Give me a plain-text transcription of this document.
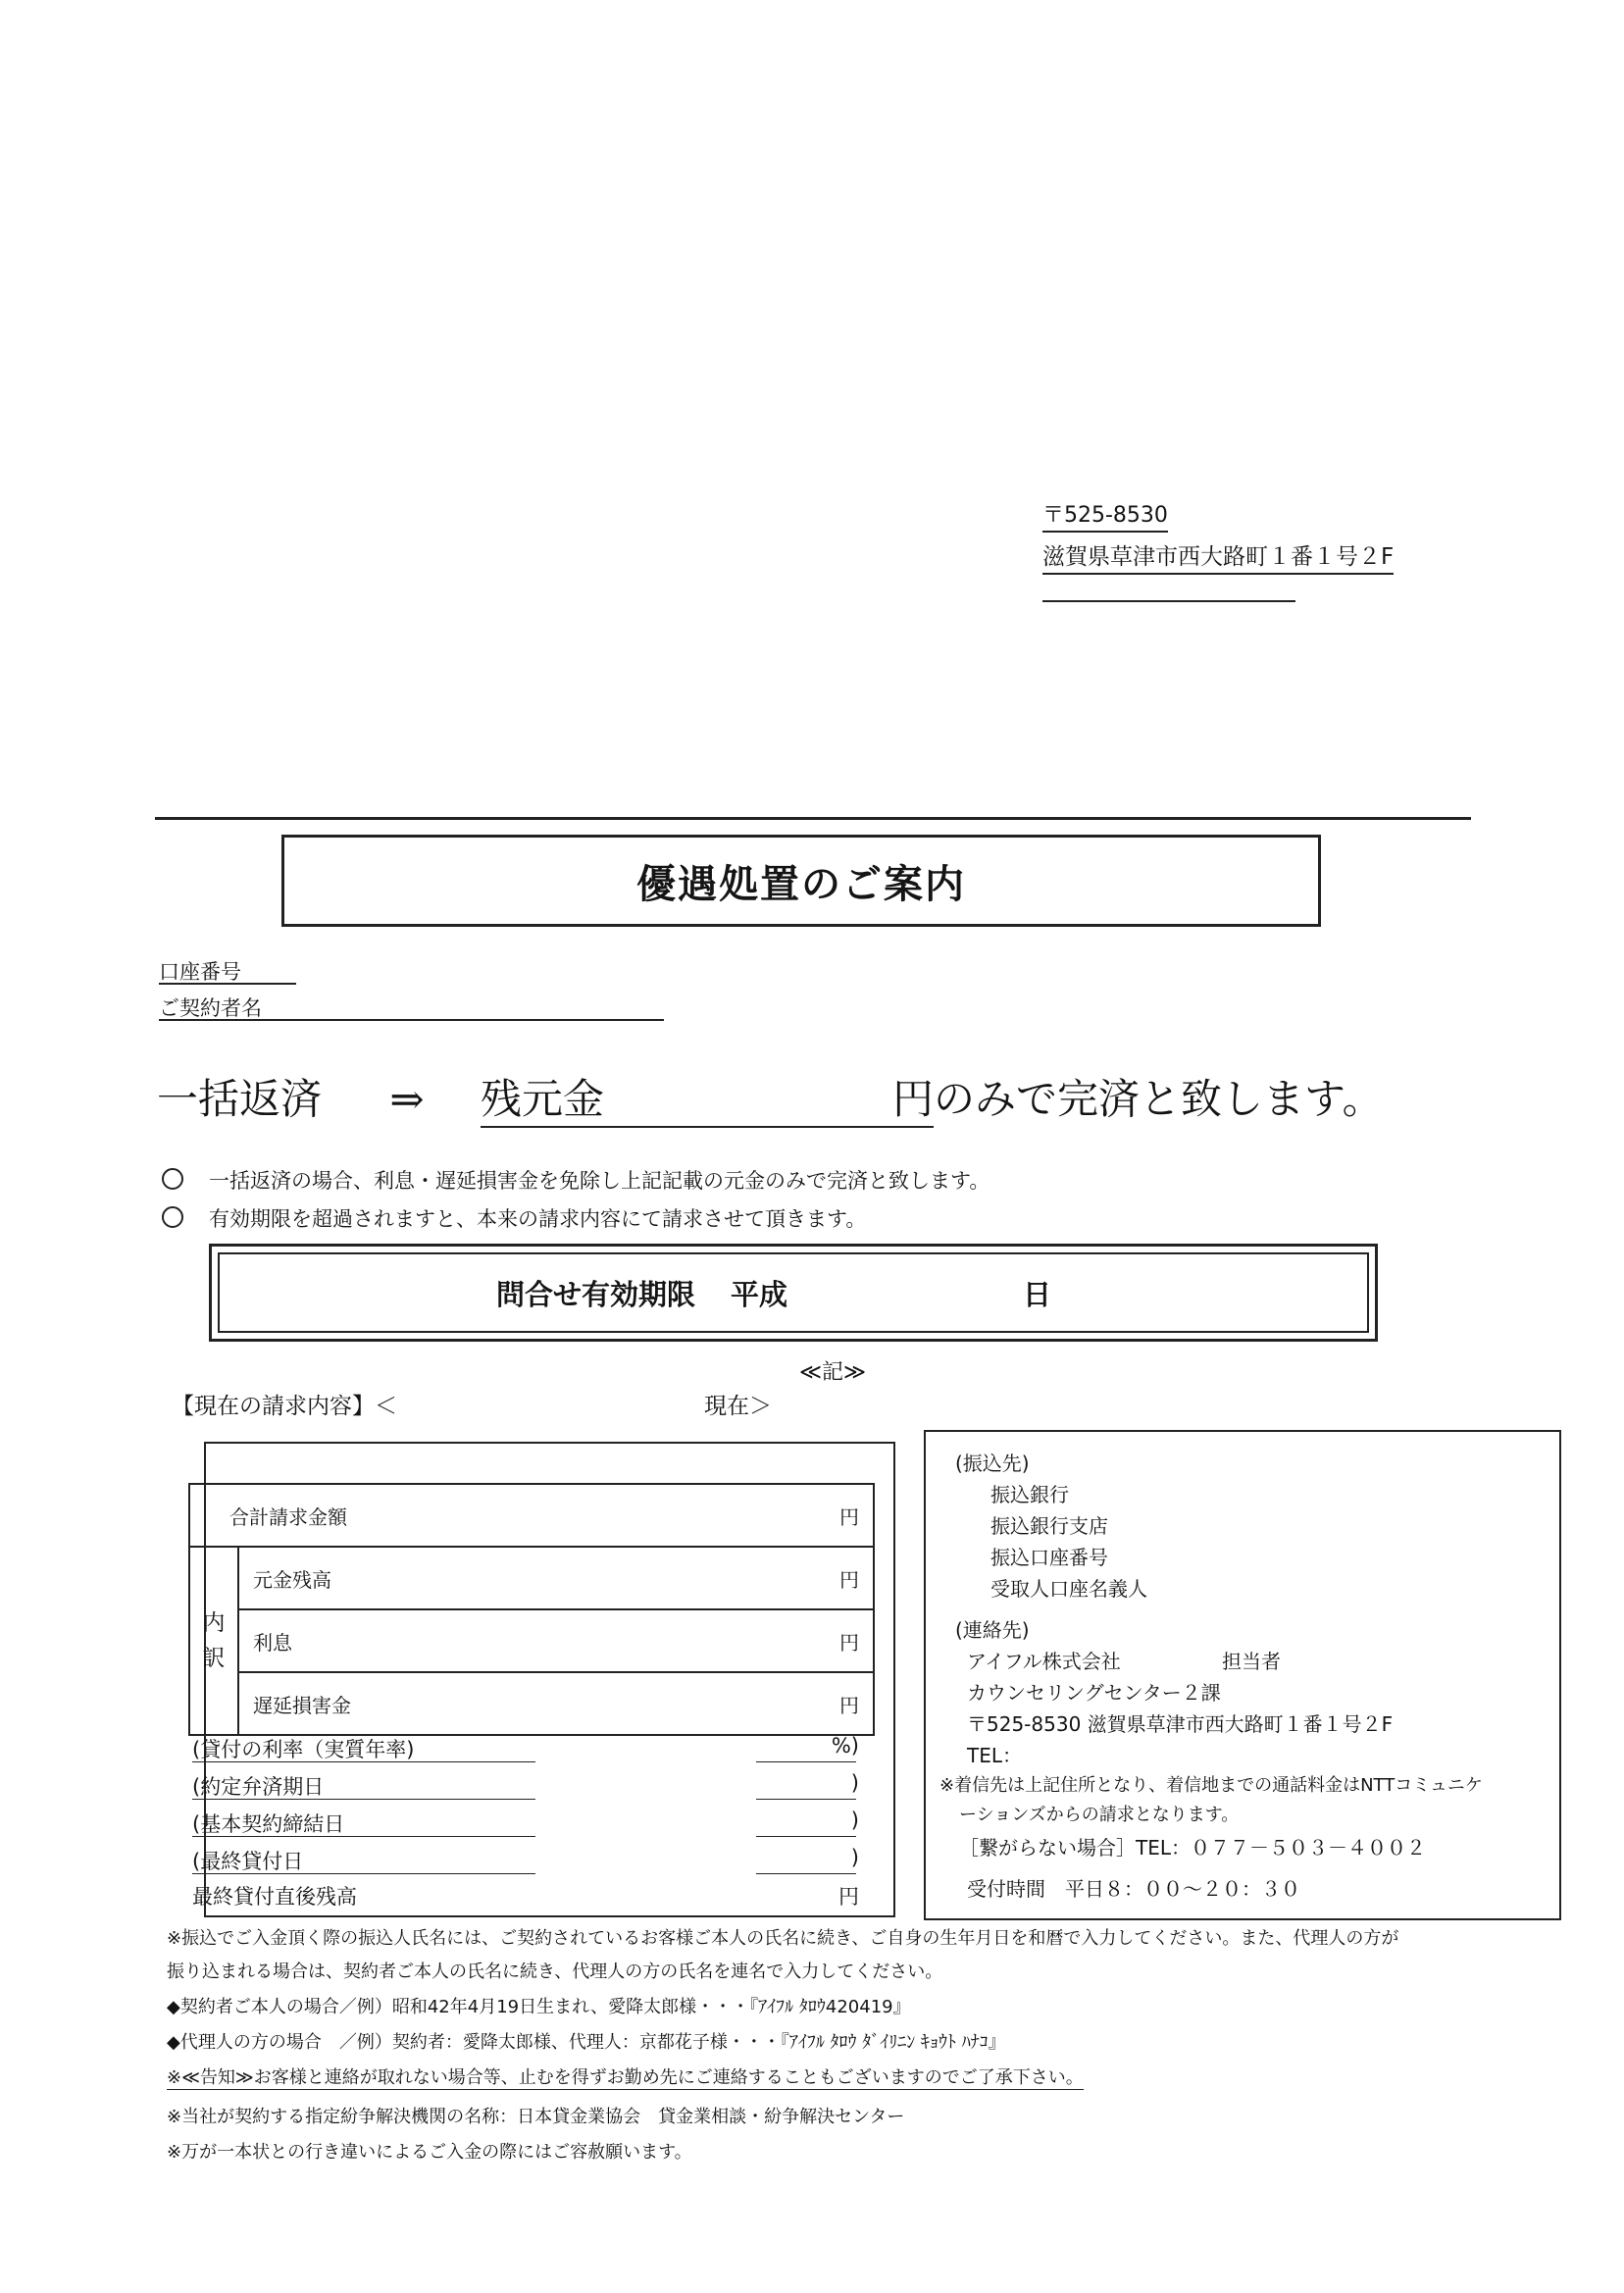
〒525-8530
滋賀県草津市西大路町１番１号２F
優遇処置のご案内
口座番号
ご契約者名
一括返済 ⇒ 残元金	円のみで完済と致します。
一括返済の場合、利息・遅延損害金を免除し上記記載の元金のみで完済と致します。
有効期限を超過されますと、本来の請求内容にて請求させて頂きます。
問合せ有効期限 平成	日
≪記≫
【現在の請求内容】＜	現在＞
合計請求金額		円

内
訳	元金残高	円
	利息	円
	遅延損害金	円
(貸付の利率（実質年率)	%)
(約定弁済期日	)
(基本契約締結日	)
(最終貸付日	)
最終貸付直後残高	円
(振込先)
振込銀行
振込銀行支店
振込口座番号
受取人口座名義人
(連絡先)
アイフル株式会社	担当者
カウンセリングセンター２課
〒525-8530 滋賀県草津市西大路町１番１号２F
TEL：
※着信先は上記住所となり、着信地までの通話料金はNTTコミュニケ
ーションズからの請求となります。
［繋がらない場合］TEL：０７７－５０３－４００２
受付時間　平日８：００～２０：３０
※振込でご入金頂く際の振込人氏名には、ご契約されているお客様ご本人の氏名に続き、ご自身の生年月日を和暦で入力してください。また、代理人の方が
振り込まれる場合は、契約者ご本人の氏名に続き、代理人の方の氏名を連名で入力してください。
◆契約者ご本人の場合／例）昭和42年4月19日生まれ、愛降太郎様・・・『ｱｲﾌﾙ ﾀﾛｳ420419』
◆代理人の方の場合　／例）契約者：愛降太郎様、代理人：京都花子様・・・『ｱｲﾌﾙ ﾀﾛｳ ﾀﾞｲﾘﾆﾝ ｷｮｳﾄ ﾊﾅｺ』
※≪告知≫お客様と連絡が取れない場合等、止むを得ずお勤め先にご連絡することもございますのでご了承下さい。
※当社が契約する指定紛争解決機関の名称：日本貸金業協会　貸金業相談・紛争解決センター
※万が一本状との行き違いによるご入金の際にはご容赦願います。
